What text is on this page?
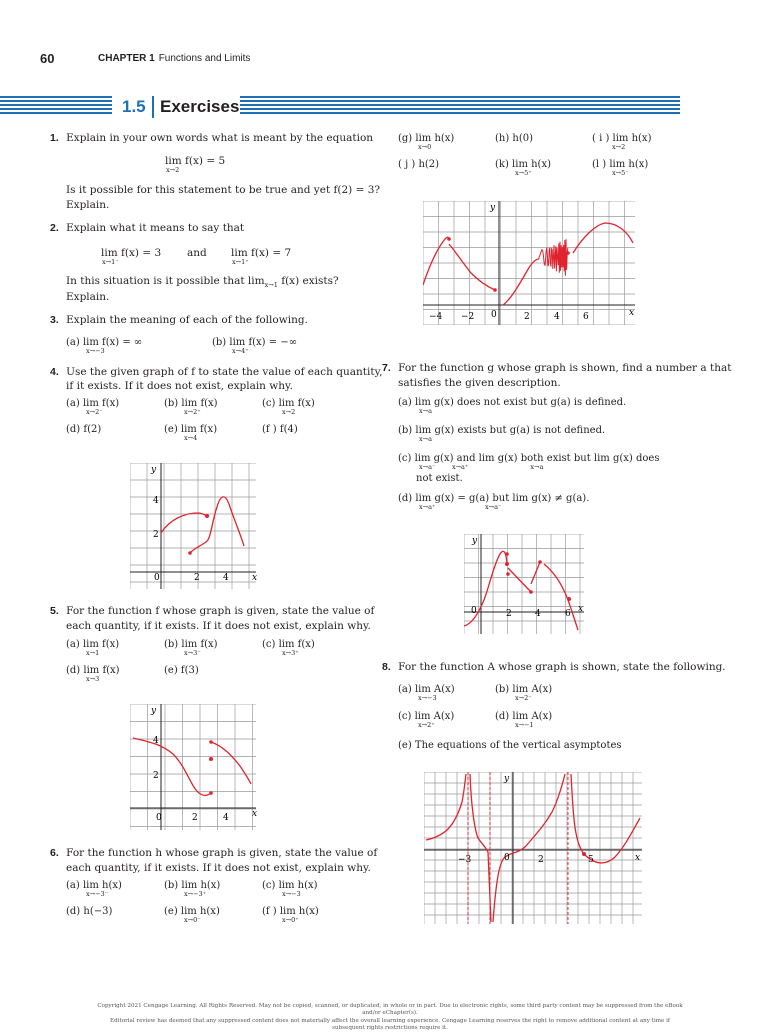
60	CHAPTER 1 Functions and Limits
1.5 Exercises
1. Explain in your own words what is meant by the equation
lim f(x) = 5
x→2
Is it possible for this statement to be true and yet f(2) = 3?
Explain.
2. Explain what it means to say that
lim f(x) = 3
x→1⁻
and lim f(x) = 7
x→1⁺
In this situation is it possible that $\lim_{x\to 1} f(x)$ exists?
Explain.
3. Explain the meaning of each of the following.
(a) lim f(x) = ∞
x→−3
(b) lim f(x) = −∞
x→4⁺
4. Use the given graph of f to state the value of each quantity,
if it exists. If it does not exist, explain why.
(a) lim f(x)
x→2⁻
(b) lim f(x)
x→2⁺
(c) lim f(x)
x→2
(d) f(2)	(e) lim f(x)
x→4
(f ) f(4)
y
x
0	2	4
2
4
5. For the function f whose graph is given, state the value of
each quantity, if it exists. If it does not exist, explain why.
(a) lim f(x)
x→1
(b) lim f(x)
x→3⁻
(c) lim f(x)
x→3⁺
(d) lim f(x)
x→3
(e) f(3)
y
x
0	2	4
2
4
6. For the function h whose graph is given, state the value of
each quantity, if it exists. If it does not exist, explain why.
(a) lim h(x)
x→−3⁻
(b) lim h(x)
x→−3⁺
(c) lim h(x)
x→−3
(d) h(−3)	(e) lim h(x)
x→0⁻
(f ) lim h(x)
x→0⁺
(g) lim h(x)
x→0
(h) h(0)	( i ) lim h(x)
x→2
( j ) h(2)	(k) lim h(x)
x→5⁺
(l ) lim h(x)
x→5⁻
y
x
0
−4 −2	2	4	6
7. For the function g whose graph is shown, find a number a that
satisfies the given description.
(a) lim g(x) does not exist but g(a) is defined.
x→a
(b) lim g(x) exists but g(a) is not defined.
x→a
(c) lim g(x) and lim g(x) both exist but lim g(x) does
x→a⁻        x→a⁺                              x→a
not exist.
(d) lim g(x) = g(a) but lim g(x) ≠ g(a).
x→a⁺                        x→a⁻
y
x
0	2	4	6
8. For the function A whose graph is shown, state the following.
(a) lim A(x)
x→−3
(b) lim A(x)
x→2⁻
(c) lim A(x)
x→2⁺
(d) lim A(x)
x→−1
(e) The equations of the vertical asymptotes
y
x
0
−3	2	5
Copyright 2021 Cengage Learning. All Rights Reserved. May not be copied, scanned, or duplicated, in whole or in part. Due to electronic rights, some third party content may be suppressed from the eBook and/or eChapter(s).
Editorial review has deemed that any suppressed content does not materially affect the overall learning experience. Cengage Learning reserves the right to remove additional content at any time if subsequent rights restrictions require it.
